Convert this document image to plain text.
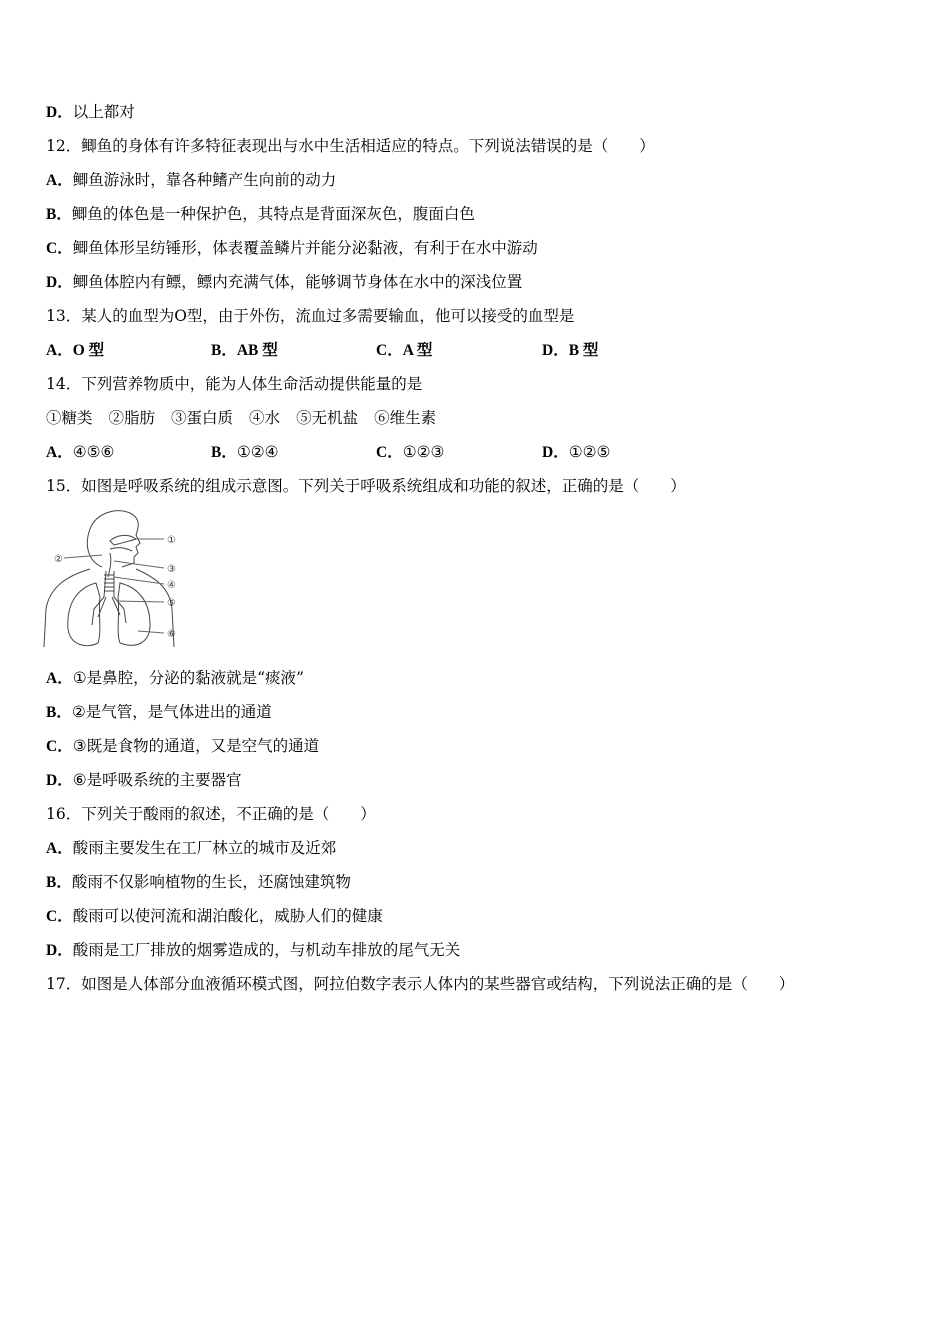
D．以上都对
12．鲫鱼的身体有许多特征表现出与水中生活相适应的特点。下列说法错误的是（　　）
A．鲫鱼游泳时，靠各种鳍产生向前的动力
B．鲫鱼的体色是一种保护色，其特点是背面深灰色，腹面白色
C．鲫鱼体形呈纺锤形，体表覆盖鳞片并能分泌黏液，有利于在水中游动
D．鲫鱼体腔内有鳔，鳔内充满气体，能够调节身体在水中的深浅位置
13．某人的血型为O型，由于外伤，流血过多需要输血，他可以接受的血型是
A．O 型	B．AB 型	C．A 型	D．B 型
14．下列营养物质中，能为人体生命活动提供能量的是
①糖类 ②脂肪 ③蛋白质 ④水 ⑤无机盐 ⑥维生素
A．④⑤⑥	B．①②④	C．①②③	D．①②⑤
15．如图是呼吸系统的组成示意图。下列关于呼吸系统组成和功能的叙述，正确的是（　　）
①
②
③
④
⑤
⑥
A．①是鼻腔，分泌的黏液就是“痰液”
B．②是气管，是气体进出的通道
C．③既是食物的通道，又是空气的通道
D．⑥是呼吸系统的主要器官
16．下列关于酸雨的叙述，不正确的是（　　）
A．酸雨主要发生在工厂林立的城市及近郊
B．酸雨不仅影响植物的生长，还腐蚀建筑物
C．酸雨可以使河流和湖泊酸化，威胁人们的健康
D．酸雨是工厂排放的烟雾造成的，与机动车排放的尾气无关
17．如图是人体部分血液循环模式图，阿拉伯数字表示人体内的某些器官或结构，下列说法正确的是（　　）
